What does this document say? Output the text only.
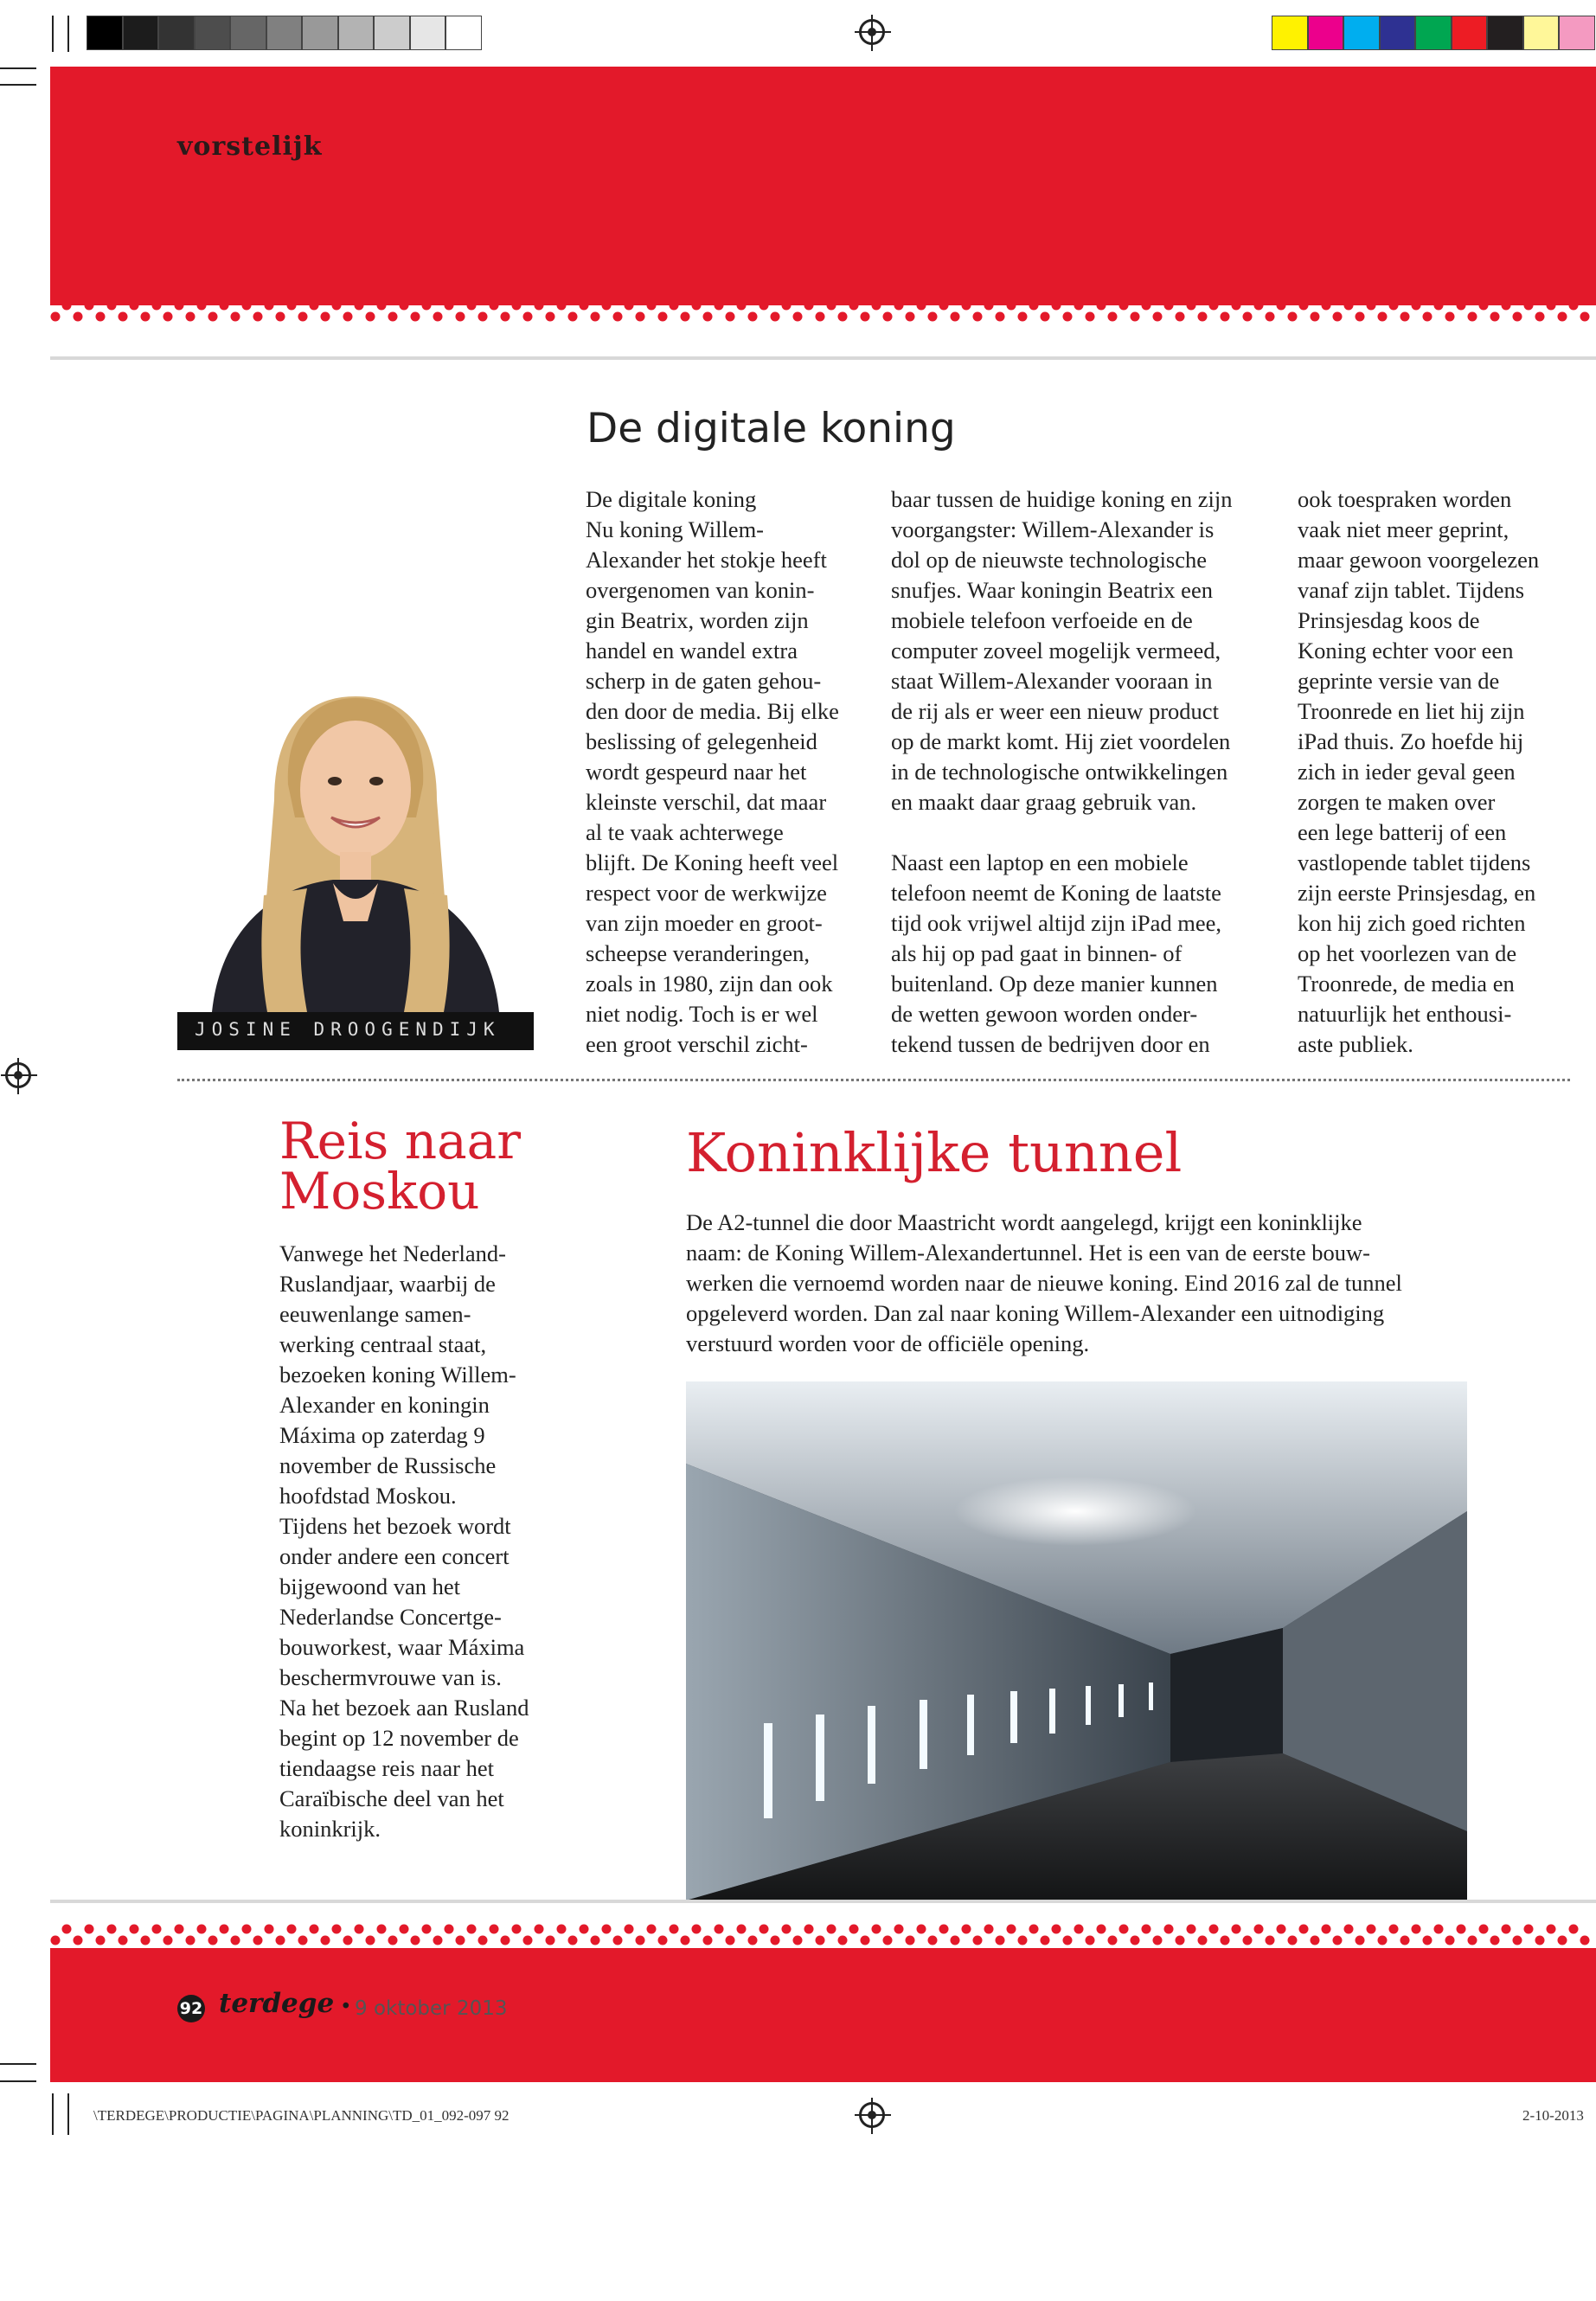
vorstelijk
De digitale koning
JOSINE DROOGENDIJK
De digitale koning
Nu koning Willem-
Alexander het stokje heeft
overgenomen van konin-
gin Beatrix, worden zijn
handel en wandel extra
scherp in de gaten gehou-
den door de media. Bij elke
beslissing of gelegenheid
wordt gespeurd naar het
kleinste verschil, dat maar
al te vaak achterwege
blijft. De Koning heeft veel
respect voor de werkwijze
van zijn moeder en groot-
scheepse veranderingen,
zoals in 1980, zijn dan ook
niet nodig. Toch is er wel
een groot verschil zicht-
baar tussen de huidige koning en zijn
voorgangster: Willem-Alexander is
dol op de nieuwste technologische
snufjes. Waar koningin Beatrix een
mobiele telefoon verfoeide en de
computer zoveel mogelijk vermeed,
staat Willem-Alexander vooraan in
de rij als er weer een nieuw product
op de markt komt. Hij ziet voordelen
in de technologische ontwikkelingen
en maakt daar graag gebruik van.

Naast een laptop en een mobiele
telefoon neemt de Koning de laatste
tijd ook vrijwel altijd zijn iPad mee,
als hij op pad gaat in binnen- of
buitenland. Op deze manier kunnen
de wetten gewoon worden onder-
tekend tussen de bedrijven door en
ook toespraken worden
vaak niet meer geprint,
maar gewoon voorgelezen
vanaf zijn tablet. Tijdens
Prinsjesdag koos de
Koning echter voor een
geprinte versie van de
Troonrede en liet hij zijn
iPad thuis. Zo hoefde hij
zich in ieder geval geen
zorgen te maken over
een lege batterij of een
vastlopende tablet tijdens
zijn eerste Prinsjesdag, en
kon hij zich goed richten
op het voorlezen van de
Troonrede, de media en
natuurlijk het enthousi-
aste publiek.
Reis naar
Moskou
Vanwege het Nederland-
Ruslandjaar, waarbij de
eeuwenlange samen-
werking centraal staat,
bezoeken koning Willem-
Alexander en koningin
Máxima op zaterdag 9
november de Russische
hoofdstad Moskou.
Tijdens het bezoek wordt
onder andere een concert
bijgewoond van het
Nederlandse Concertge-
bouworkest, waar Máxima
beschermvrouwe van is.
Na het bezoek aan Rusland
begint op 12 november de
tiendaagse reis naar het
Caraïbische deel van het
koninkrijk.
Koninklijke tunnel
De A2-tunnel die door Maastricht wordt aangelegd, krijgt een koninklijke
naam: de Koning Willem-Alexandertunnel. Het is een van de eerste bouw-
werken die vernoemd worden naar de nieuwe koning. Eind 2016 zal de tunnel
opgeleverd worden. Dan zal naar koning Willem-Alexander een uitnodiging
verstuurd worden voor de officiële opening.
92 terdege • 9 oktober 2013
\TERDEGE\PRODUCTIE\PAGINA\PLANNING\TD_01_092-097 92	2-10-2013
